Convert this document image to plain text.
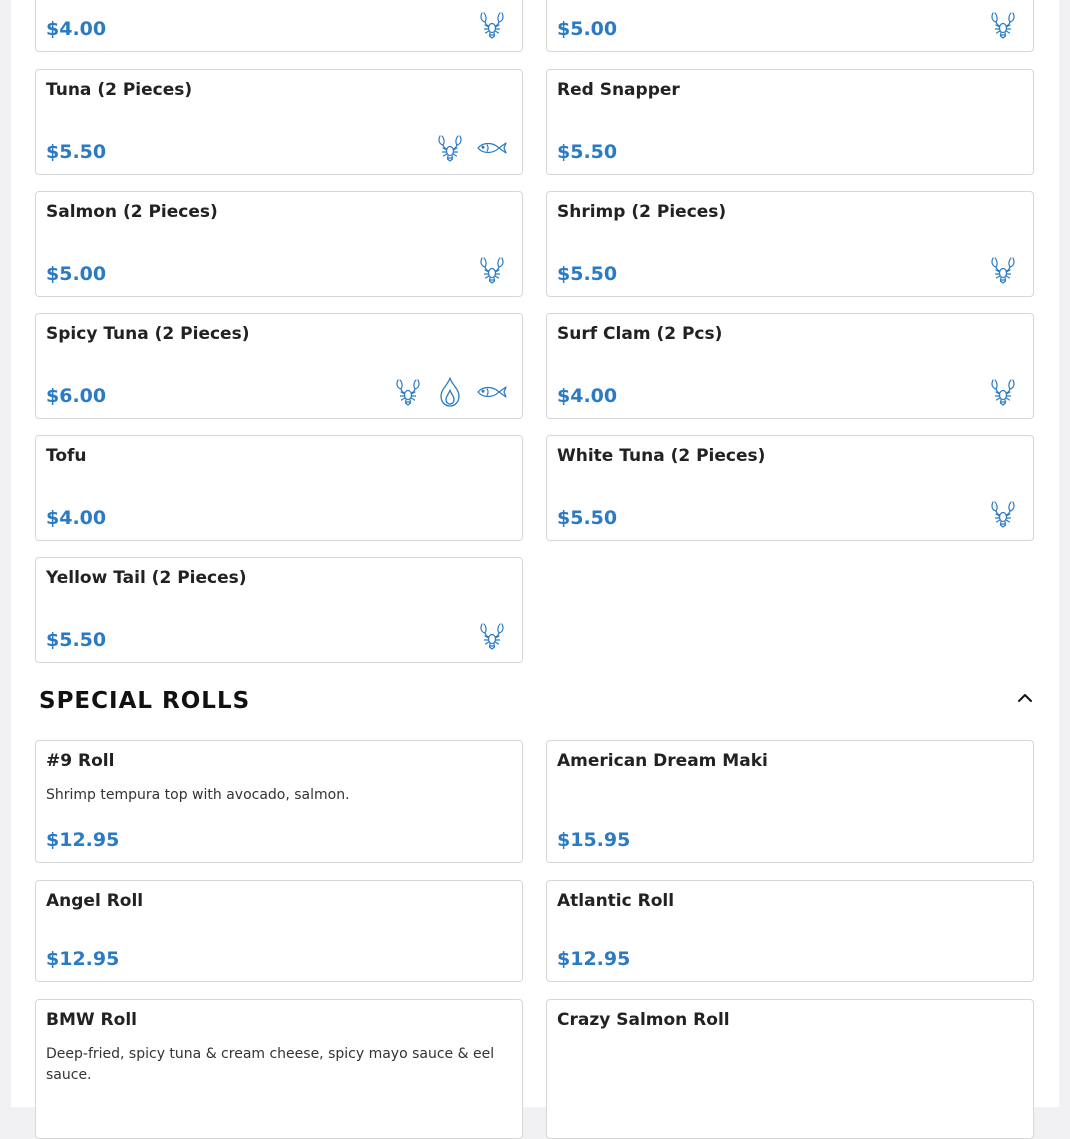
$4.00	$5.00
Tuna (2 Pieces)
$5.50
Red Snapper
$5.50
Salmon (2 Pieces)
$5.00
Shrimp (2 Pieces)
$5.50
Spicy Tuna (2 Pieces)
$6.00
Surf Clam (2 Pcs)
$4.00
Tofu
$4.00
White Tuna (2 Pieces)
$5.50
Yellow Tail (2 Pieces)
$5.50
SPECIAL ROLLS
#9 Roll
Shrimp tempura top with avocado, salmon.
$12.95
American Dream Maki
$15.95
Angel Roll
$12.95
Atlantic Roll
$12.95
BMW Roll
Deep-fried, spicy tuna & cream cheese, spicy mayo sauce & eel sauce.
Crazy Salmon Roll
